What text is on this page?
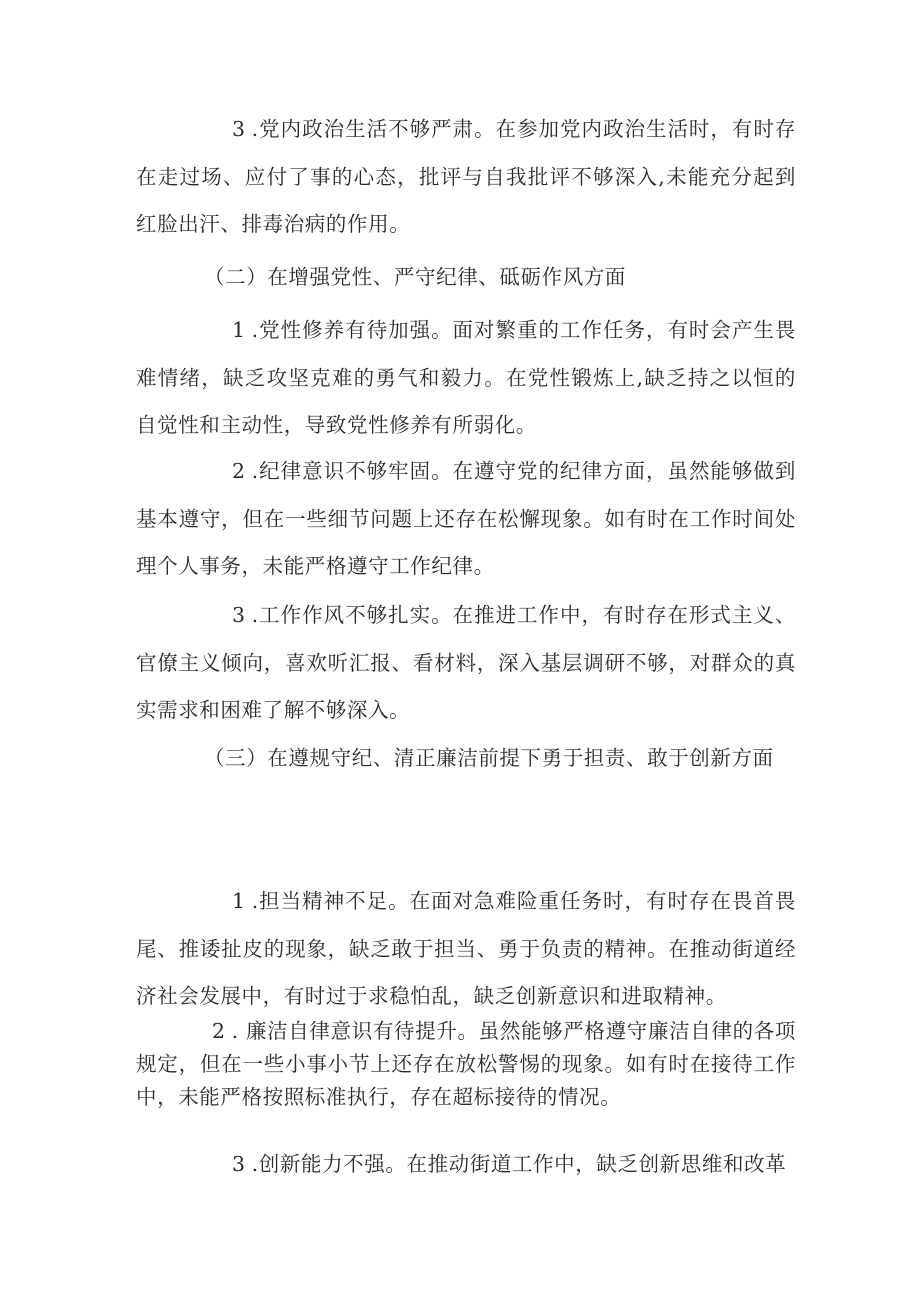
3 .党内政治生活不够严肃。在参加党内政治生活时，有时存在走过场、应付了事的心态，批评与自我批评不够深入,未能充分起到红脸出汗、排毒治病的作用。

（二）在增强党性、严守纪律、砥砺作风方面

1 .党性修养有待加强。面对繁重的工作任务，有时会产生畏难情绪，缺乏攻坚克难的勇气和毅力。在党性锻炼上,缺乏持之以恒的自觉性和主动性，导致党性修养有所弱化。

2 .纪律意识不够牢固。在遵守党的纪律方面，虽然能够做到基本遵守，但在一些细节问题上还存在松懈现象。如有时在工作时间处理个人事务，未能严格遵守工作纪律。

3 .工作作风不够扎实。在推进工作中，有时存在形式主义、官僚主义倾向，喜欢听汇报、看材料，深入基层调研不够，对群众的真实需求和困难了解不够深入。

（三）在遵规守纪、清正廉洁前提下勇于担责、敢于创新方面

1 .担当精神不足。在面对急难险重任务时，有时存在畏首畏尾、推诿扯皮的现象，缺乏敢于担当、勇于负责的精神。在推动街道经济社会发展中，有时过于求稳怕乱，缺乏创新意识和进取精神。

2 . 廉洁自律意识有待提升。虽然能够严格遵守廉洁自律的各项规定，但在一些小事小节上还存在放松警惕的现象。如有时在接待工作中，未能严格按照标准执行，存在超标接待的情况。

3 .创新能力不强。在推动街道工作中，缺乏创新思维和改革
